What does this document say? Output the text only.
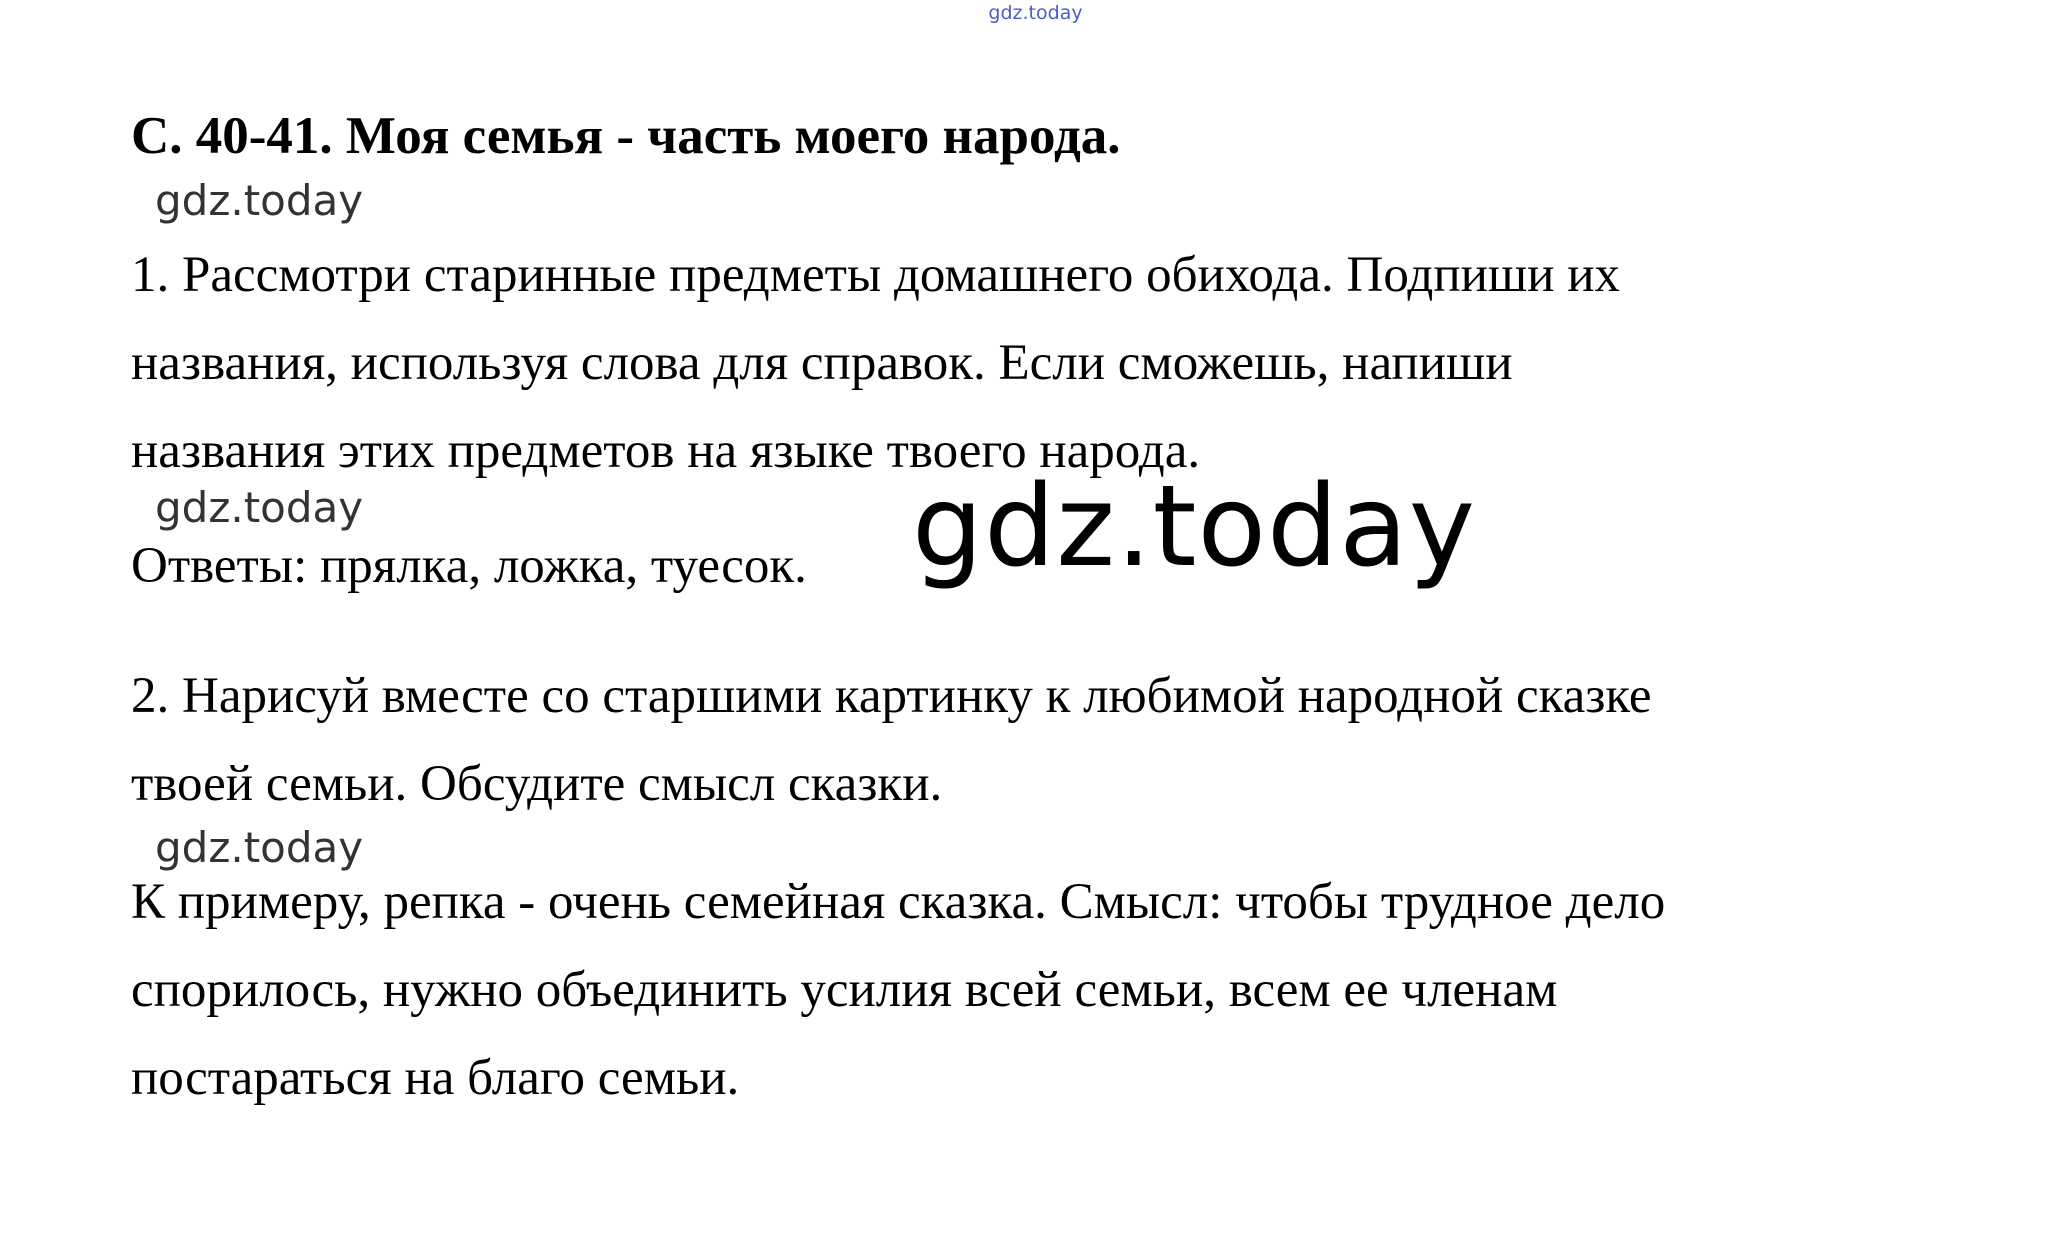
gdz.today
С. 40-41. Моя семья - часть моего народа.
gdz.today
1. Рассмотри старинные предметы домашнего обихода. Подпиши их
названия, используя слова для справок. Если сможешь, напиши
названия этих предметов на языке твоего народа.
gdz.today
Ответы: прялка, ложка, туесок. gdz.today
2. Нарисуй вместе со старшими картинку к любимой народной сказке
твоей семьи. Обсудите смысл сказки.
gdz.today
К примеру, репка - очень семейная сказка. Смысл: чтобы трудное дело
спорилось, нужно объединить усилия всей семьи, всем ее членам
постараться на благо семьи.
